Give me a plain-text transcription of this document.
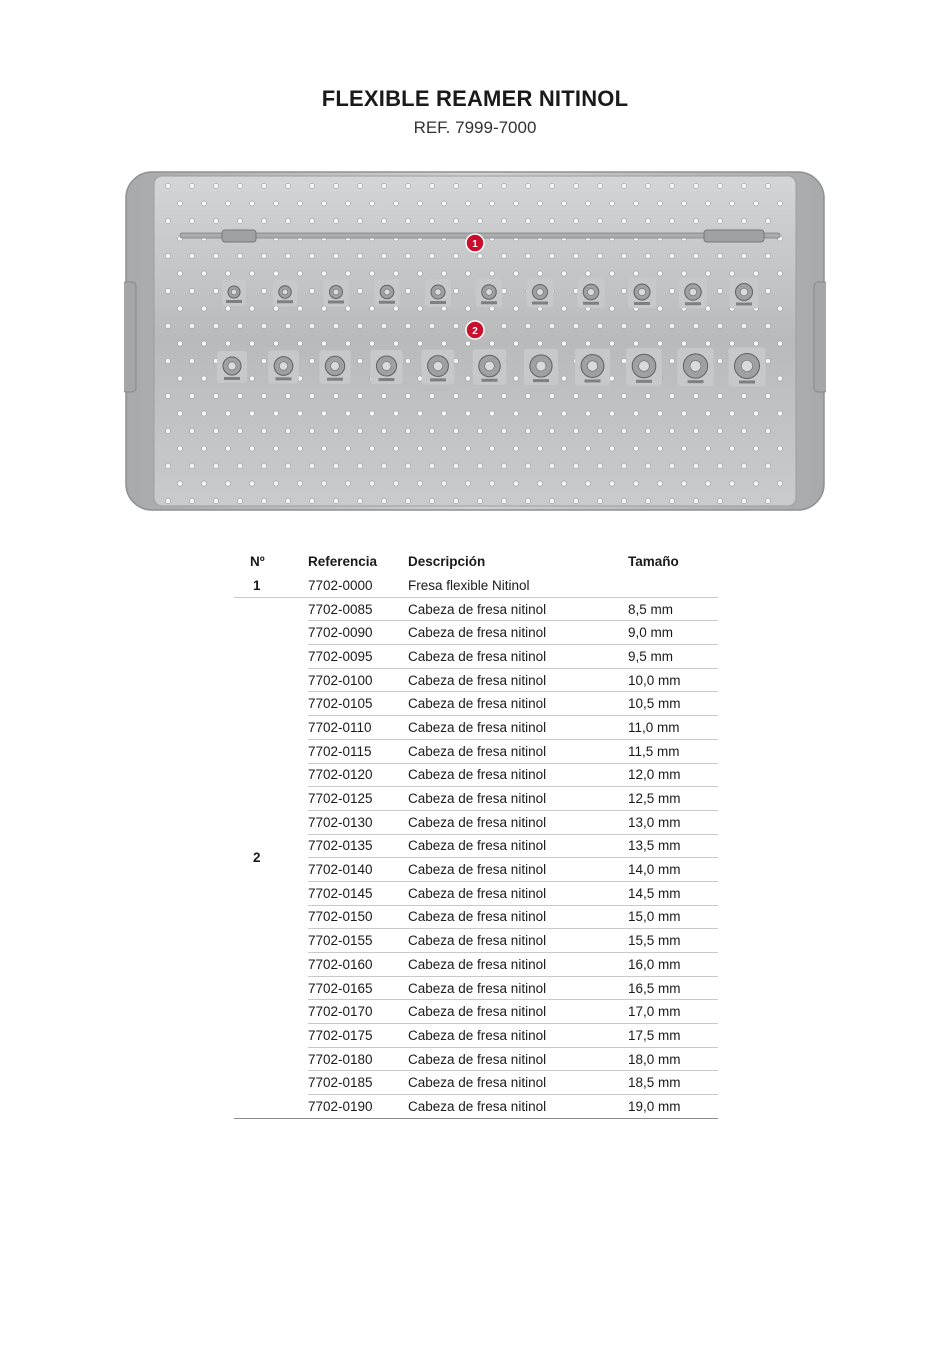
FLEXIBLE REAMER NITINOL
REF. 7999-7000
1
2
Nº	Referencia	Descripción	Tamaño
1	7702-0000	Fresa flexible Nitinol	
2	7702-0085	Cabeza de fresa nitinol	8,5 mm
	7702-0090	Cabeza de fresa nitinol	9,0 mm
	7702-0095	Cabeza de fresa nitinol	9,5 mm
	7702-0100	Cabeza de fresa nitinol	10,0 mm
	7702-0105	Cabeza de fresa nitinol	10,5 mm
	7702-0110	Cabeza de fresa nitinol	11,0 mm
	7702-0115	Cabeza de fresa nitinol	11,5 mm
	7702-0120	Cabeza de fresa nitinol	12,0 mm
	7702-0125	Cabeza de fresa nitinol	12,5 mm
	7702-0130	Cabeza de fresa nitinol	13,0 mm
	7702-0135	Cabeza de fresa nitinol	13,5 mm
	7702-0140	Cabeza de fresa nitinol	14,0 mm
	7702-0145	Cabeza de fresa nitinol	14,5 mm
	7702-0150	Cabeza de fresa nitinol	15,0 mm
	7702-0155	Cabeza de fresa nitinol	15,5 mm
	7702-0160	Cabeza de fresa nitinol	16,0 mm
	7702-0165	Cabeza de fresa nitinol	16,5 mm
	7702-0170	Cabeza de fresa nitinol	17,0 mm
	7702-0175	Cabeza de fresa nitinol	17,5 mm
	7702-0180	Cabeza de fresa nitinol	18,0 mm
	7702-0185	Cabeza de fresa nitinol	18,5 mm
	7702-0190	Cabeza de fresa nitinol	19,0 mm
